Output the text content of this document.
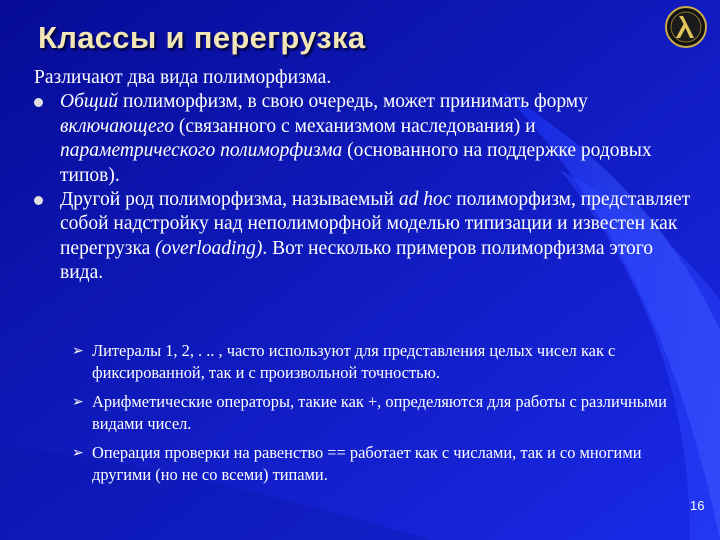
Классы и перегрузка

Различают два вида полиморфизма.

Общий полиморфизм, в свою очередь, может принимать форму включающего (связанного с механизмом наследования) и параметрического полиморфизма (основанного на поддержке родовых типов).
Другой род полиморфизма, называемый ad hoc полиморфизм, представляет собой надстройку над неполиморфной моделью типизации и известен как перегрузка (overloading). Вот несколько примеров полиморфизма этого вида.
➢ Литералы 1, 2, . .. , часто используют для представления целых чисел как с фиксированной, так и с произвольной точностью.
➢ Арифметические операторы, такие как +, определяются для работы с различными видами чисел.
➢ Операция проверки на равенство == работает как с числами, так и со многими другими (но не со всеми) типами.
16
